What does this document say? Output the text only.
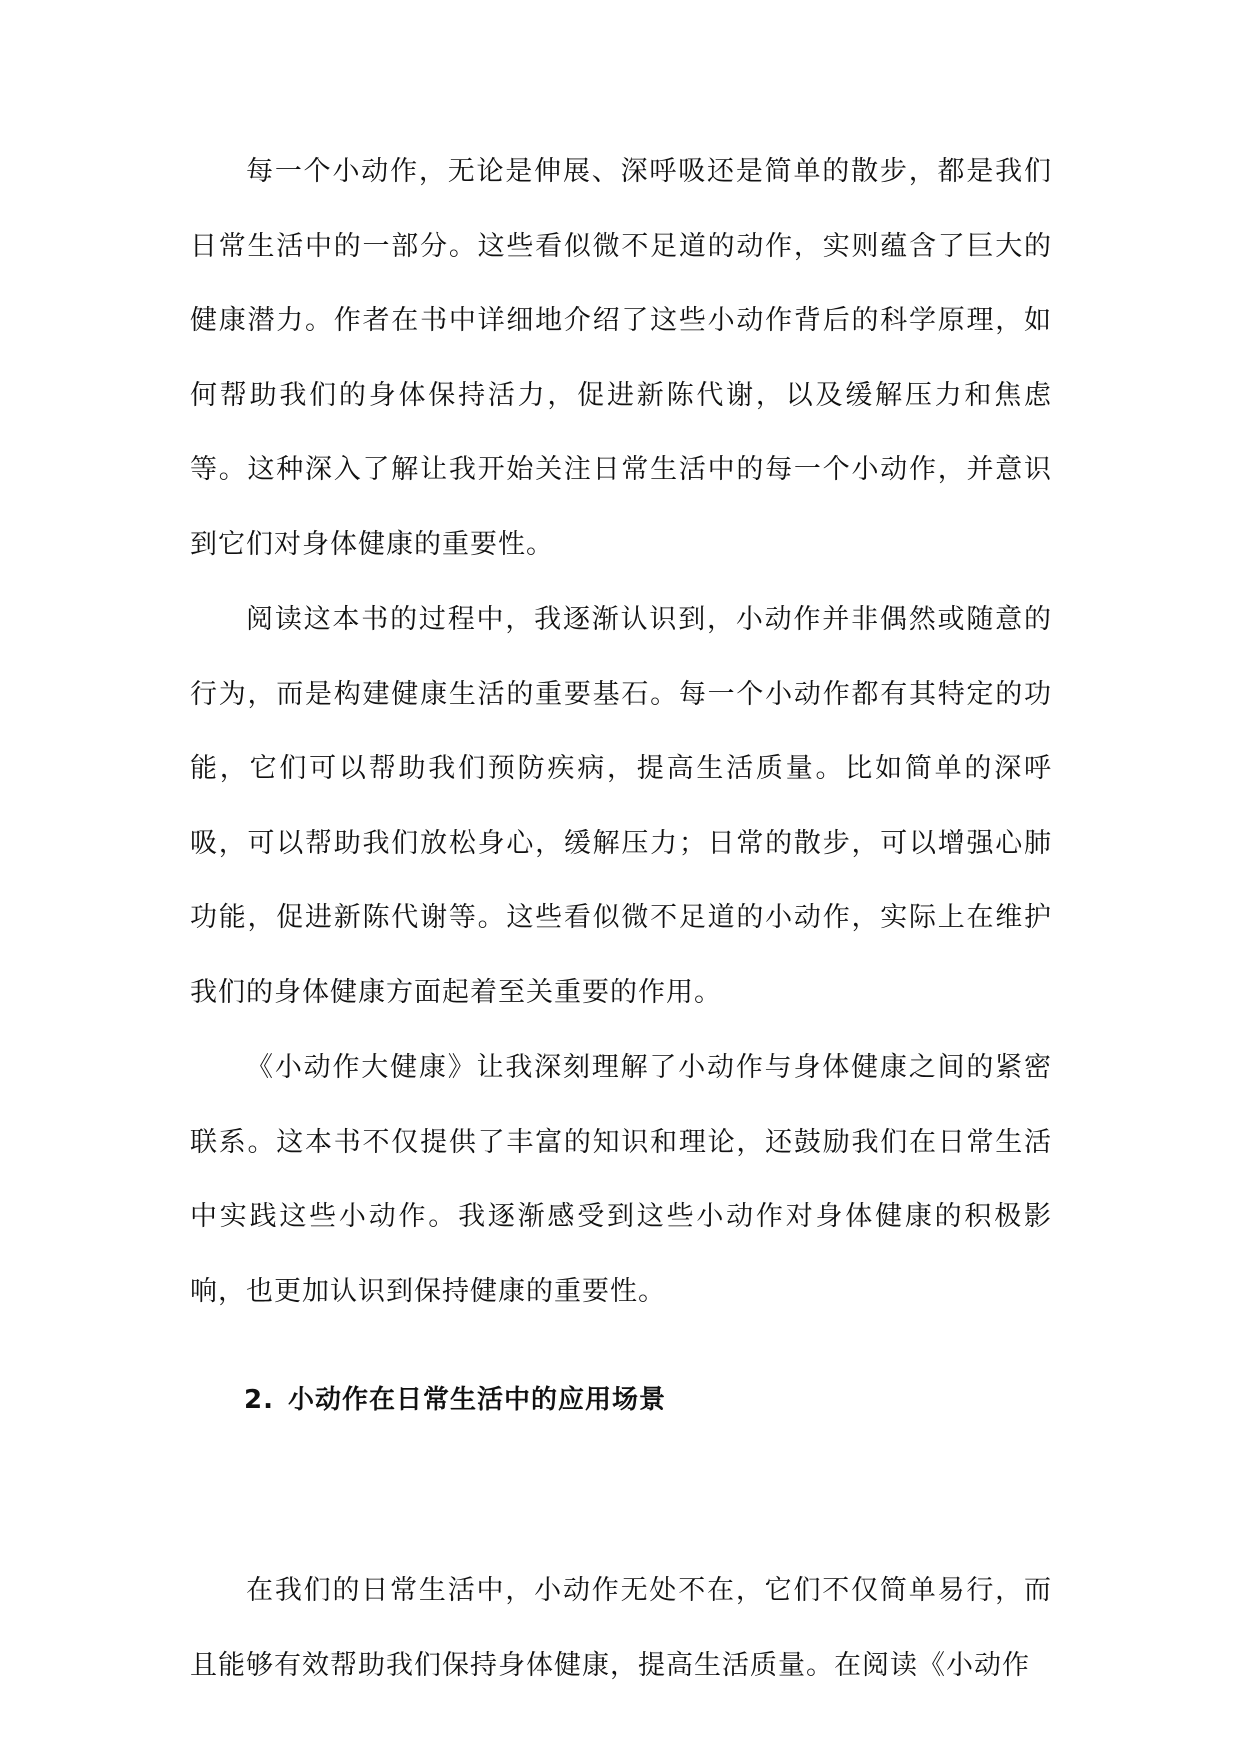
每一个小动作，无论是伸展、深呼吸还是简单的散步，都是我们日常生活中的一部分。这些看似微不足道的动作，实则蕴含了巨大的健康潜力。作者在书中详细地介绍了这些小动作背后的科学原理，如何帮助我们的身体保持活力，促进新陈代谢，以及缓解压力和焦虑等。这种深入了解让我开始关注日常生活中的每一个小动作，并意识到它们对身体健康的重要性。

阅读这本书的过程中，我逐渐认识到，小动作并非偶然或随意的行为，而是构建健康生活的重要基石。每一个小动作都有其特定的功能，它们可以帮助我们预防疾病，提高生活质量。比如简单的深呼吸，可以帮助我们放松身心，缓解压力；日常的散步，可以增强心肺功能，促进新陈代谢等。这些看似微不足道的小动作，实际上在维护我们的身体健康方面起着至关重要的作用。

《小动作大健康》让我深刻理解了小动作与身体健康之间的紧密联系。这本书不仅提供了丰富的知识和理论，还鼓励我们在日常生活中实践这些小动作。我逐渐感受到这些小动作对身体健康的积极影响，也更加认识到保持健康的重要性。

2. 小动作在日常生活中的应用场景

在我们的日常生活中，小动作无处不在，它们不仅简单易行，而且能够有效帮助我们保持身体健康，提高生活质量。在阅读《小动作
